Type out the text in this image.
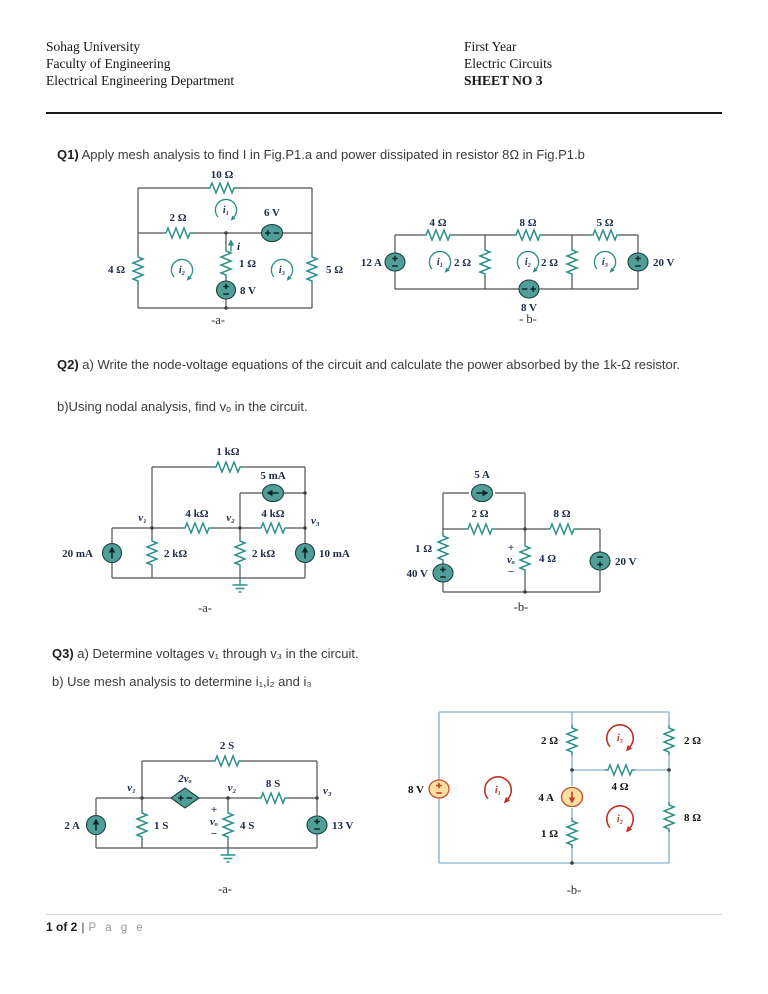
Sohag University
Faculty of Engineering
Electrical Engineering Department
First Year
Electric Circuits
SHEET NO 3
Q1) Apply mesh analysis to find I in Fig.P1.a and power dissipated in resistor 8Ω in Fig.P1.b
10 Ω
2 Ω	6 V
4 Ω	5 Ω
1 Ω
i
8 V
i₁
i₂	i₃
-a-
4 Ω	8 Ω	5 Ω
2 Ω	2 Ω
12 A	20 V
8 V
i₁	i₂	i₃
- b-
Q2) a) Write the node-voltage equations of the circuit and calculate the power absorbed by the 1k-Ω resistor.
b)Using nodal analysis, find vₒ in the circuit.
1 kΩ
5 mA
4 kΩ	4 kΩ
v₁	v₂	v₃
20 mA	2 kΩ	2 kΩ	10 mA
-a-
5 A
2 Ω	8 Ω
1 Ω
40 V
4 Ω
+
vₒ
−
20 V
-b-
Q3) a) Determine voltages v₁ through v₃ in the circuit.
b) Use mesh analysis to determine i₁,i₂ and i₃
2 S
2vₒ	8 S
v₁	v₂	v₃
2 A	1 S	4 S
+
vₒ
−
13 V
-a-
8 V
2 Ω	2 Ω
4 Ω
4 A
1 Ω
8 Ω
i₁
i₃
i₂
-b-
1 of 2 | P a g e
